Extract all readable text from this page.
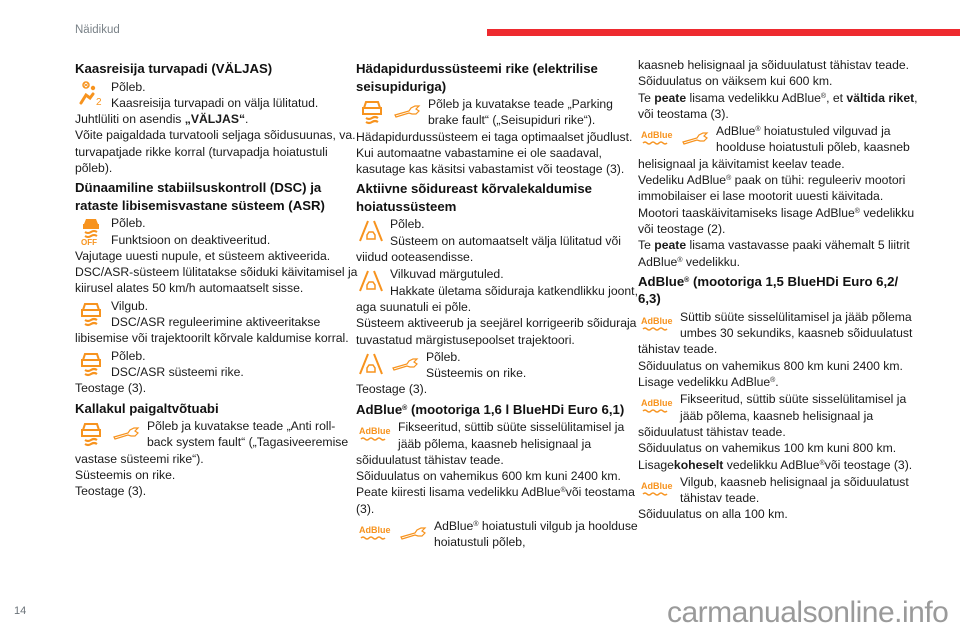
Näidikud
Kaasreisija turvapadi (VÄLJAS)
2
Põleb.
Kaasreisija turvapadi on välja lülitatud. Juhtlüliti on asendis „VÄLJAS“.
Võite paigaldada turvatooli seljaga sõidusuunas, va. turvapatjade rikke korral (turvapadja hoiatustuli põleb).
Dünaamiline stabiilsuskontroll (DSC) ja rataste libisemisvastane süsteem (ASR)
OFF
Põleb.
Funktsioon on deaktiveeritud.
Vajutage uuesti nupule, et süsteem aktiveerida.
DSC/ASR-süsteem lülitatakse sõiduki käivitamisel ja kiirusel alates 50 km/h automaatselt sisse.
Vilgub.
DSC/ASR reguleerimine aktiveeritakse libisemise või trajektoorilt kõrvale kaldumise korral.
Põleb.
DSC/ASR süsteemi rike.
Teostage (3).
Kallakul paigaltvõtuabi
Põleb ja kuvatakse teade „Anti roll-back system fault“ („Tagasiveeremise vastase süsteemi rike“).
Süsteemis on rike.
Teostage (3).
Hädapidurdussüsteemi rike (elektrilise seisupiduriga)
Põleb ja kuvatakse teade „Parking brake fault“ („Seisupiduri rike“).
Hädapidurdussüsteem ei taga optimaalset jõudlust.
Kui automaatne vabastamine ei ole saadaval, kasutage kas käsitsi vabastamist või teostage (3).
Aktiivne sõidureast kõrvalekaldumise hoiatussüsteem
Põleb.
Süsteem on automaatselt välja lülitatud või viidud ooteasendisse.
Vilkuvad märgutuled.
Hakkate ületama sõiduraja katkendlikku joont, aga suunatuli ei põle.
Süsteem aktiveerub ja seejärel korrigeerib sõiduraja tuvastatud märgistusepoolset trajektoori.
Põleb.
Süsteemis on rike.
Teostage (3).
AdBlue® (mootoriga 1,6 l BlueHDi Euro 6,1)
AdBlue Fikseeritud, süttib süüte sisselülitamisel ja jääb põlema, kaasneb helisignaal ja sõiduulatust tähistav teade.
Sõiduulatus on vahemikus 600 km kuni 2400 km.
Peate kiiresti lisama vedelikku AdBlue®või teostama (3).
AdBlue	AdBlue® hoiatustuli vilgub ja hoolduse hoiatustuli põleb,
kaasneb helisignaal ja sõiduulatust tähistav teade.
Sõiduulatus on väiksem kui 600 km.
Te peate lisama vedelikku AdBlue®, et vältida riket, või teostama (3).
AdBlue	AdBlue® hoiatustuled vilguvad ja hoolduse hoiatustuli põleb, kaasneb helisignaal ja käivitamist keelav teade.
Vedeliku AdBlue® paak on tühi: reguleeriv mootori immobilaiser ei lase mootorit uuesti käivitada.
Mootori taaskäivitamiseks lisage AdBlue® vedelikku või teostage (2).
Te peate lisama vastavasse paaki vähemalt 5 liitrit AdBlue® vedelikku.
AdBlue® (mootoriga 1,5 BlueHDi Euro 6,2/ 6,3)
AdBlue Süttib süüte sisselülitamisel ja jääb põlema umbes 30 sekundiks, kaasneb sõiduulatust tähistav teade.
Sõiduulatus on vahemikus 800 km kuni 2400 km.
Lisage vedelikku AdBlue®.
AdBlue Fikseeritud, süttib süüte sisselülitamisel ja jääb põlema, kaasneb helisignaal ja sõiduulatust tähistav teade.
Sõiduulatus on vahemikus 100 km kuni 800 km.
Lisagekoheselt vedelikku AdBlue®või teostage (3).
AdBlue Vilgub, kaasneb helisignaal ja sõiduulatust tähistav teade.
Sõiduulatus on alla 100 km.
14	carmanualsonline.info
